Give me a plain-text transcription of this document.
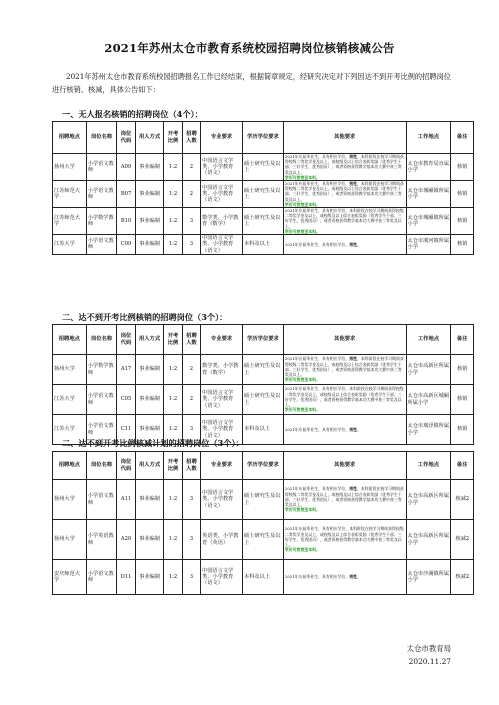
2021年苏州太仓市教育系统校园招聘岗位核销核减公告
2021年苏州太仓市教育系统校园招聘报名工作已经结束，根据简章规定，经研究决定对下列因达不到开考比例的招聘岗位进行核销、核减，具体公告如下：
一、无人报名核销的招聘岗位（4个）：
招聘地点	岗位名称	岗位代码	用人方式	开考比例	招聘人数	专业要求	学历学位要求	其他要求	工作地点	备注
扬州大学	小学语文教师	A09	事业编制	1:2	2	中国语言文学类、小学教育（语文）	硕士研究生及以上	2021年应届毕业生，具有相应学位，男性，本科阶段在校学习期间获得校级二等奖学金及以上，或校级及以上综合表彰奖励（优秀学生干部、三好学生、优秀团员），或者资格获得教学基本功大赛中获三等奖及以上。
学历可放宽至本科。	太仓市教育局直属小学	核销
江苏师范大学	小学语文教师	B07	事业编制	1:2	2	中国语言文学类、小学教育（语文）	硕士研究生及以上	2021年应届毕业生，具有相应学位，男性，本科阶段在校学习期间获得校级二等奖学金及以上，或校级及以上综合表彰奖励（优秀学生干部、三好学生、优秀团员），或者资格获得教学基本功大赛中获三等奖及以上。
学历可放宽至本科。	太仓市城厢镇所属小学	核销
江苏师范大学	小学数学教师	B10	事业编制	1:2	3	数学类、小学教育（数学）	硕士研究生及以上	2021年应届毕业生，具有相应学位，本科阶段在校学习期间获得校级二等奖学金及以上，或校级及以上综合表彰奖励（优秀学生干部、三好学生、优秀团员），或者资格获得教学基本功大赛中获三等奖及以上。
学历可放宽至本科。	太仓市城厢镇所属小学	核销
江苏大学	小学语文教师	C09	事业编制	1:2	3	中国语言文学类、小学教育（语文）	本科及以上	2021年应届毕业生，具有相应学位，男性。	太仓市浏河镇所属小学	核销
二、达不到开考比例核销的招聘岗位（3个）：
招聘地点	岗位名称	岗位代码	用人方式	开考比例	招聘人数	专业要求	学历学位要求	其他要求	工作地点	备注
扬州大学	小学数学教师	A17	事业编制	1:2	2	数学类、小学教育（数学）	硕士研究生及以上	2021年应届毕业生，具有相应学位，男性，本科阶段在校学习期间获得校级二等奖学金及以上，或校级及以上综合表彰奖励（优秀学生干部、三好学生、优秀团员），或者资格获得教学基本功大赛中获三等奖及以上。
学历可放宽至本科。	太仓市高新区所属小学	核销
江苏大学	小学语文教师	C05	事业编制	1:2	2	中国语言文学类、小学教育（语文）	硕士研究生及以上	2021年应届毕业生，具有相应学位，本科阶段在校学习期间获得校级二等奖学金及以上，或校级及以上综合表彰奖励（优秀学生干部、三好学生、优秀团员），或者资格获得教学基本功大赛中获三等奖及以上。
学历可放宽至本科。	太仓市高新区城厢所属小学	核销
江苏大学	小学语文教师	C11	事业编制	1:2	3	中国语言文学类、小学教育（语文）	本科及以上	2021年应届毕业生，具有相应学位，男性。	太仓市璜泾镇所属小学	核销
二、达不到开考比例核减计划的招聘岗位（3个）：
招聘地点	岗位名称	岗位代码	用人方式	开考比例	招聘人数	专业要求	学历学位要求	其他要求	工作地点	备注
扬州大学	小学语文教师	A11	事业编制	1:2	3	中国语言文学类、小学教育（语文）	硕士研究生及以上	2021年应届毕业生，具有相应学位，男性，本科阶段在校学习期间获得校级二等奖学金及以上，或校级及以上综合表彰奖励（优秀学生干部、三好学生、优秀团员），或者资格获得教学基本功大赛中获三等奖及以上。
学历可放宽至本科。	太仓市高新区所属小学	核减2
扬州大学	小学英语教师	A20	事业编制	1:2	3	英语类、小学教育（英语）	硕士研究生及以上	2021年应届毕业生，具有相应学位，本科阶段在校学习期间获得校级二等奖学金及以上，或校级及以上综合表彰奖励（优秀学生干部、三好学生、优秀团员），或者资格获得教学基本功大赛中获三等奖及以上。
学历可放宽至本科。	太仓市高新区所属小学	核减2
安庆师范大学	小学语文教师	D11	事业编制	1:2	3	中国语言文学类、小学教育（语文）	本科及以上	2021年应届毕业生，具有相应学位，男性。	太仓市沙溪镇所属小学	核减2
太仓市教育局
2020.11.27
